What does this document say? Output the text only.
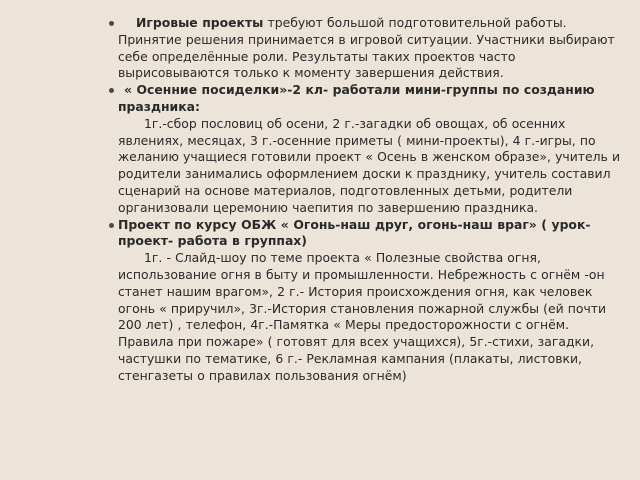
Игровые проекты требуют большой подготовительной работы. Принятие решения принимается в игровой ситуации. Участники выбирают себе определённые роли. Результаты таких проектов часто вырисовываются только к моменту завершения действия.
« Осенние посиделки»-2 кл- работали мини-группы по созданию праздника:
1г.-сбор пословиц об осени, 2 г.-загадки об овощах, об осенних явлениях, месяцах, 3 г.-осенние приметы ( мини-проекты), 4 г.-игры, по желанию учащиеся готовили проект « Осень в женском образе», учитель и родители занимались оформлением доски к празднику, учитель составил сценарий на основе материалов, подготовленных детьми, родители организовали церемонию чаепития по завершению праздника.
Проект по курсу ОБЖ « Огонь-наш друг, огонь-наш враг» ( урок-проект- работа в группах)
1г. - Слайд-шоу по теме проекта « Полезные свойства огня, использование огня в быту и промышленности. Небрежность с огнём -он станет нашим врагом», 2 г.- История происхождения огня, как человек огонь « приручил», 3г.-История становления пожарной службы (ей почти 200 лет) , телефон, 4г.-Памятка « Меры предосторожности с огнём. Правила при пожаре» ( готовят для всех учащихся), 5г.-стихи, загадки, частушки по тематике, 6 г.- Рекламная кампания (плакаты, листовки, стенгазеты о правилах пользования огнём)
